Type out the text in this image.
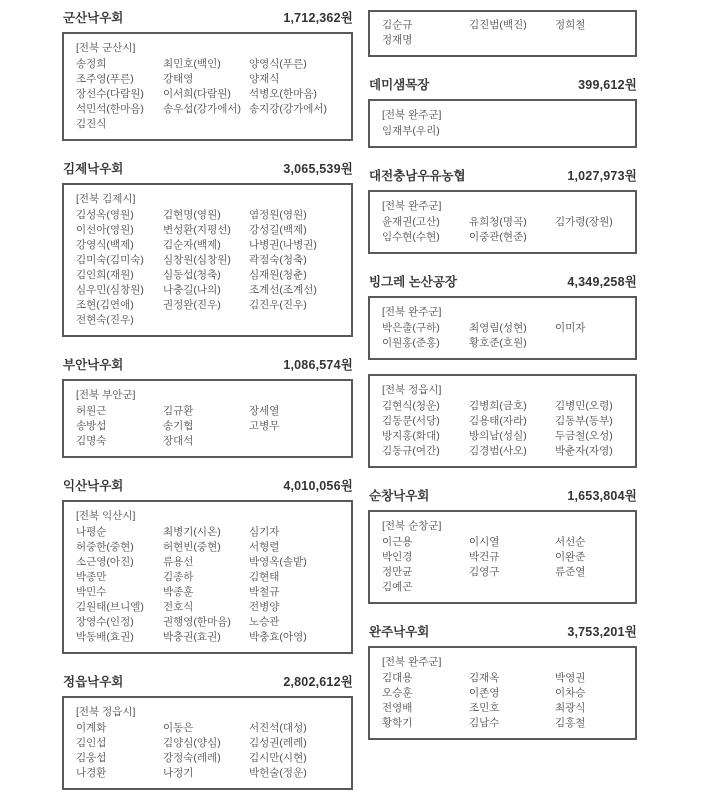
군산낙우회	1,712,362원
[전북 군산시]
송정희	최민호(백인)	양영식(푸른)
조주영(푸른)	강태영	양재식
장선수(다람원)	이서희(다람원)	석병오(한마음)
석민석(한마음)	송우섭(강가에서) 송지강(강가에서)
김진식
김제낙우회	3,065,539원
[전북 김제시]
김성옥(영원)	김현명(영원)	염정원(영원)
이선아(영원)	변성환(지평선)	강성길(백제)
강영식(백제)	김순자(백제)	나병권(나병권)
김미숙(김미숙)	심창원(심창원)	곽점숙(청축)
김인희(재원)	심동섭(청축)	심재원(청춘)
심우민(심창원)	나충길(나의)	조계선(조계선)
조현(김연애)	권정완(진우)	김진우(진우)
전현숙(진우)
부안낙우회	1,086,574원
[전북 부안군]
허원근	김규환	장세열
송방섭	송기협	고병무
김명숙	장대석
익산낙우회	4,010,056원
[전북 익산시]
나평순	최병기(시온)	심기자
허중한(중현)	허현빈(중현)	서형렬
소근영(아진)	류용선	박영옥(솔밭)
박종만	김종하	김현태
박민수	박종훈	박철규
김원태(브니엘)	전호식	전병양
장영수(인정)	권행영(한마음)	노승관
박동배(효권)	박충권(효권)	박충효(아영)
정읍낙우회	2,802,612원
[전북 정읍시]
이계화	이동은	서진석(대성)
김인섭	김양심(양심)	김성권(레레)
김웅섭	강정숙(레레)	김시만(시현)
나경환	나정기	박헌술(정운)
김순규	김진범(백진)	정희철
정재명
데미샘목장	399,612원
[전북 완주군]
임재부(우리)
대전충남우유농협	1,027,973원
[전북 완주군]
윤재권(고산)	유희청(명곡)	김가령(장원)
임수현(수현)	이중관(현준)
빙그레 논산공장	4,349,258원
[전북 완주군]
박은출(구하)	최영림(성현)	이미자
이원홍(준홍)	황호준(호원)
[전북 정읍시]
김현식(청운)	김병희(금호)	김병민(오령)
김동문(서당)	김용태(자라)	김동부(동부)
방지홍(화대)	방의남(성실)	두금철(오성)
김동규(여간)	김경범(사오)	박춘자(자영)
순창낙우회	1,653,804원
[전북 순창군]
이근용	이시열	서선순
박인경	박건규	이완준
정만균	김영구	류준열
김예곤
완주낙우회	3,753,201원
[전북 완주군]
김대용	김재옥	박영권
오승훈	이존영	이차승
전영배	조민호	최광식
황학기	김남수	김홍철
